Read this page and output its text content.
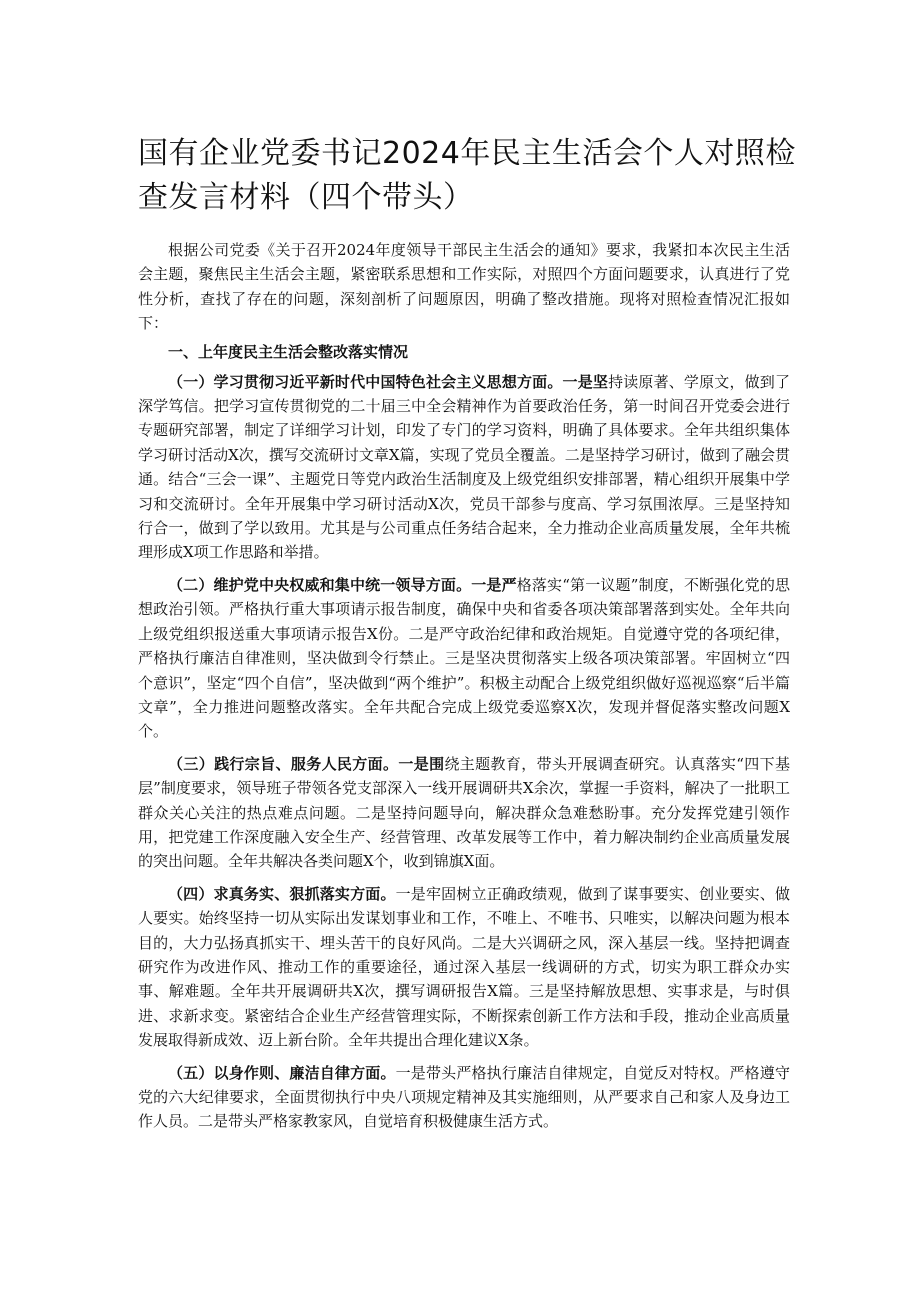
国有企业党委书记2024年民主生活会个人对照检查发言材料（四个带头）

根据公司党委《关于召开2024年度领导干部民主生活会的通知》要求，我紧扣本次民主生活会主题，聚焦民主生活会主题，紧密联系思想和工作实际，对照四个方面问题要求，认真进行了党性分析，查找了存在的问题，深刻剖析了问题原因，明确了整改措施。现将对照检查情况汇报如下：

一、上年度民主生活会整改落实情况

（一）学习贯彻习近平新时代中国特色社会主义思想方面。一是坚持读原著、学原文，做到了深学笃信。把学习宣传贯彻党的二十届三中全会精神作为首要政治任务，第一时间召开党委会进行专题研究部署，制定了详细学习计划，印发了专门的学习资料，明确了具体要求。全年共组织集体学习研讨活动X次，撰写交流研讨文章X篇，实现了党员全覆盖。二是坚持学习研讨，做到了融会贯通。结合“三会一课”、主题党日等党内政治生活制度及上级党组织安排部署，精心组织开展集中学习和交流研讨。全年开展集中学习研讨活动X次，党员干部参与度高、学习氛围浓厚。三是坚持知行合一，做到了学以致用。尤其是与公司重点任务结合起来，全力推动企业高质量发展，全年共梳理形成X项工作思路和举措。

（二）维护党中央权威和集中统一领导方面。一是严格落实“第一议题”制度，不断强化党的思想政治引领。严格执行重大事项请示报告制度，确保中央和省委各项决策部署落到实处。全年共向上级党组织报送重大事项请示报告X份。二是严守政治纪律和政治规矩。自觉遵守党的各项纪律，严格执行廉洁自律准则，坚决做到令行禁止。三是坚决贯彻落实上级各项决策部署。牢固树立“四个意识”，坚定“四个自信”，坚决做到“两个维护”。积极主动配合上级党组织做好巡视巡察“后半篇文章”，全力推进问题整改落实。全年共配合完成上级党委巡察X次，发现并督促落实整改问题X个。

（三）践行宗旨、服务人民方面。一是围绕主题教育，带头开展调查研究。认真落实“四下基层”制度要求，领导班子带领各党支部深入一线开展调研共X余次，掌握一手资料，解决了一批职工群众关心关注的热点难点问题。二是坚持问题导向，解决群众急难愁盼事。充分发挥党建引领作用，把党建工作深度融入安全生产、经营管理、改革发展等工作中，着力解决制约企业高质量发展的突出问题。全年共解决各类问题X个，收到锦旗X面。

（四）求真务实、狠抓落实方面。一是牢固树立正确政绩观，做到了谋事要实、创业要实、做人要实。始终坚持一切从实际出发谋划事业和工作，不唯上、不唯书、只唯实，以解决问题为根本目的，大力弘扬真抓实干、埋头苦干的良好风尚。二是大兴调研之风，深入基层一线。坚持把调查研究作为改进作风、推动工作的重要途径，通过深入基层一线调研的方式，切实为职工群众办实事、解难题。全年共开展调研共X次，撰写调研报告X篇。三是坚持解放思想、实事求是，与时俱进、求新求变。紧密结合企业生产经营管理实际，不断探索创新工作方法和手段，推动企业高质量发展取得新成效、迈上新台阶。全年共提出合理化建议X条。

（五）以身作则、廉洁自律方面。一是带头严格执行廉洁自律规定，自觉反对特权。严格遵守党的六大纪律要求，全面贯彻执行中央八项规定精神及其实施细则，从严要求自己和家人及身边工作人员。二是带头严格家教家风，自觉培育积极健康生活方式。
